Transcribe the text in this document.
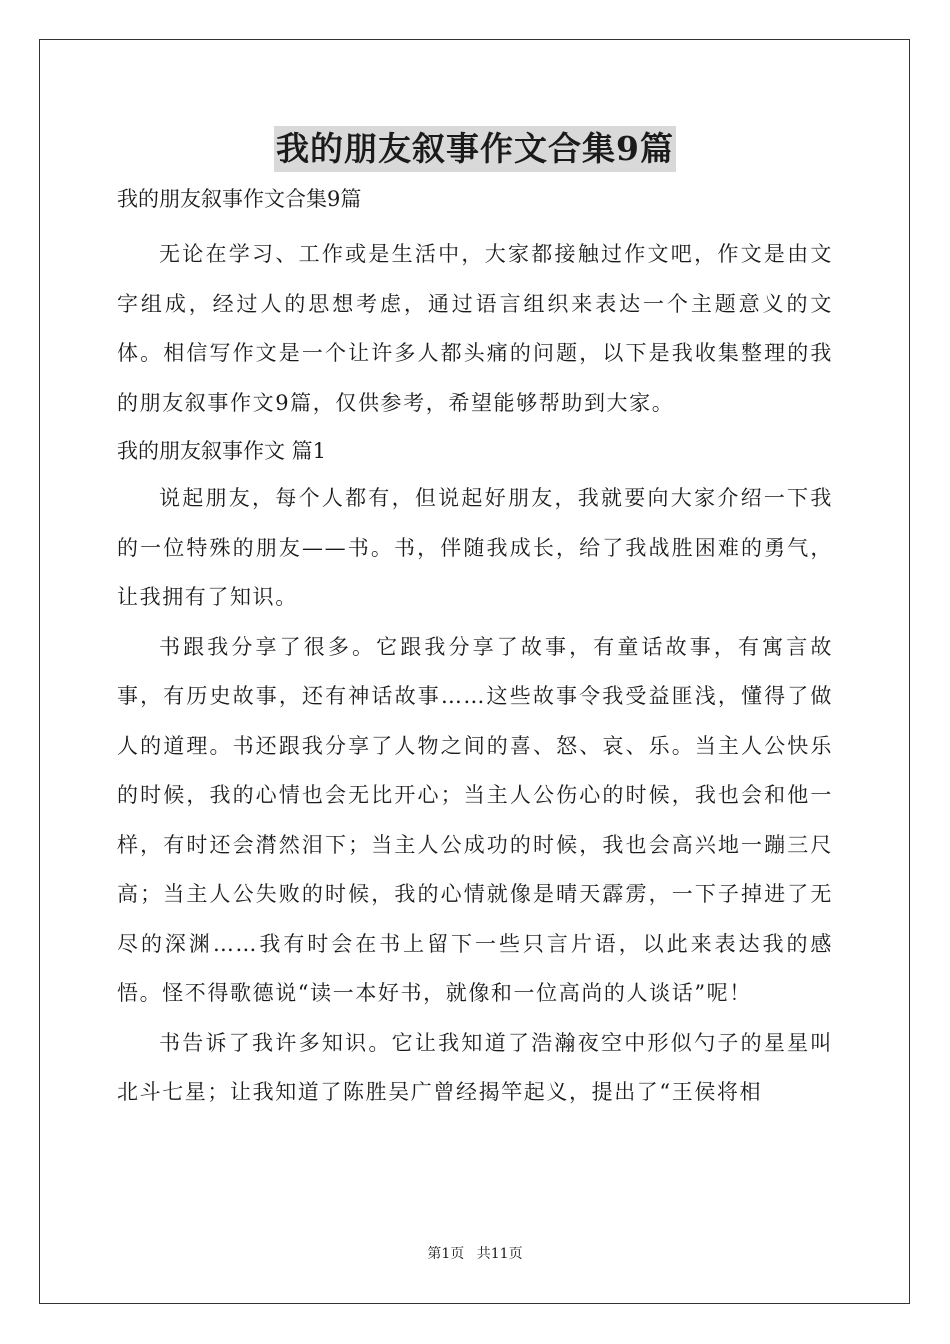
我的朋友叙事作文合集9篇
我的朋友叙事作文合集9篇

无论在学习、工作或是生活中，大家都接触过作文吧，作文是由文字组成，经过人的思想考虑，通过语言组织来表达一个主题意义的文体。相信写作文是一个让许多人都头痛的问题，以下是我收集整理的我的朋友叙事作文9篇，仅供参考，希望能够帮助到大家。

我的朋友叙事作文 篇1

说起朋友，每个人都有，但说起好朋友，我就要向大家介绍一下我的一位特殊的朋友——书。书，伴随我成长，给了我战胜困难的勇气，让我拥有了知识。

书跟我分享了很多。它跟我分享了故事，有童话故事，有寓言故事，有历史故事，还有神话故事……这些故事令我受益匪浅，懂得了做人的道理。书还跟我分享了人物之间的喜、怒、哀、乐。当主人公快乐的时候，我的心情也会无比开心；当主人公伤心的时候，我也会和他一样，有时还会潸然泪下；当主人公成功的时候，我也会高兴地一蹦三尺高；当主人公失败的时候，我的心情就像是晴天霹雳，一下子掉进了无尽的深渊……我有时会在书上留下一些只言片语，以此来表达我的感悟。怪不得歌德说“读一本好书，就像和一位高尚的人谈话”呢！

书告诉了我许多知识。它让我知道了浩瀚夜空中形似勺子的星星叫北斗七星；让我知道了陈胜吴广曾经揭竿起义，提出了“王侯将相

第1页 共11页
